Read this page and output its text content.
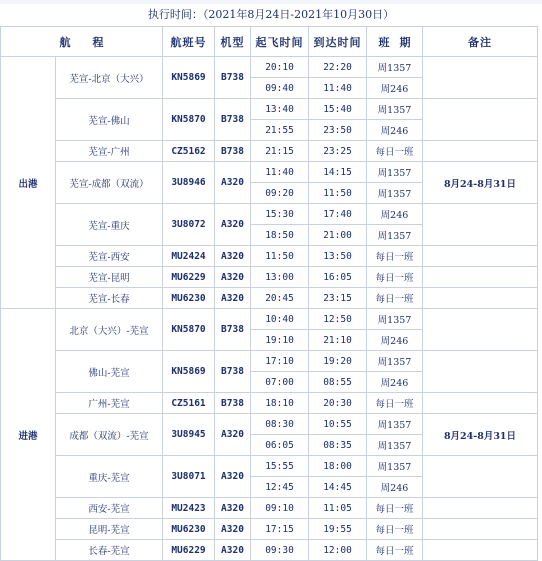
执行时间：（2021年8月24日-2021年10月30日）
航程		航班号	机型	起飞时间	到达时间	班期	备注
出港	芜宣-北京（大兴）	KN5869	B738	20:10	22:20	周1357	
				09:40	11:40	周246	
	芜宣-佛山	KN5870	B738	13:40	15:40	周1357	
				21:55	23:50	周246	
	芜宣-广州	CZ5162	B738	21:15	23:25	每日一班	
	芜宣-成都（双流）	3U8946	A320	11:40	14:15	周1357	8月24-8月31日
				09:20	11:50	周1357	
	芜宣-重庆	3U8072	A320	15:30	17:40	周246	
				18:50	21:00	周1357	
	芜宣-西安	MU2424	A320	11:50	13:50	每日一班	
	芜宣-昆明	MU6229	A320	13:00	16:05	每日一班	
	芜宣-长春	MU6230	A320	20:45	23:15	每日一班	
进港	北京（大兴）-芜宣	KN5870	B738	10:40	12:50	周1357	
				19:10	21:10	周246	
	佛山-芜宣	KN5869	B738	17:10	19:20	周1357	
				07:00	08:55	周246	
	广州-芜宣	CZ5161	B738	18:10	20:30	每日一班	
	成都（双流）-芜宣	3U8945	A320	08:30	10:55	周1357	8月24-8月31日
				06:05	08:35	周1357	
	重庆-芜宣	3U8071	A320	15:55	18:00	周1357	
				12:45	14:45	周246	
	西安-芜宣	MU2423	A320	09:10	11:05	每日一班	
	昆明-芜宣	MU6230	A320	17:15	19:55	每日一班	
	长春-芜宣	MU6229	A320	09:30	12:00	每日一班	
